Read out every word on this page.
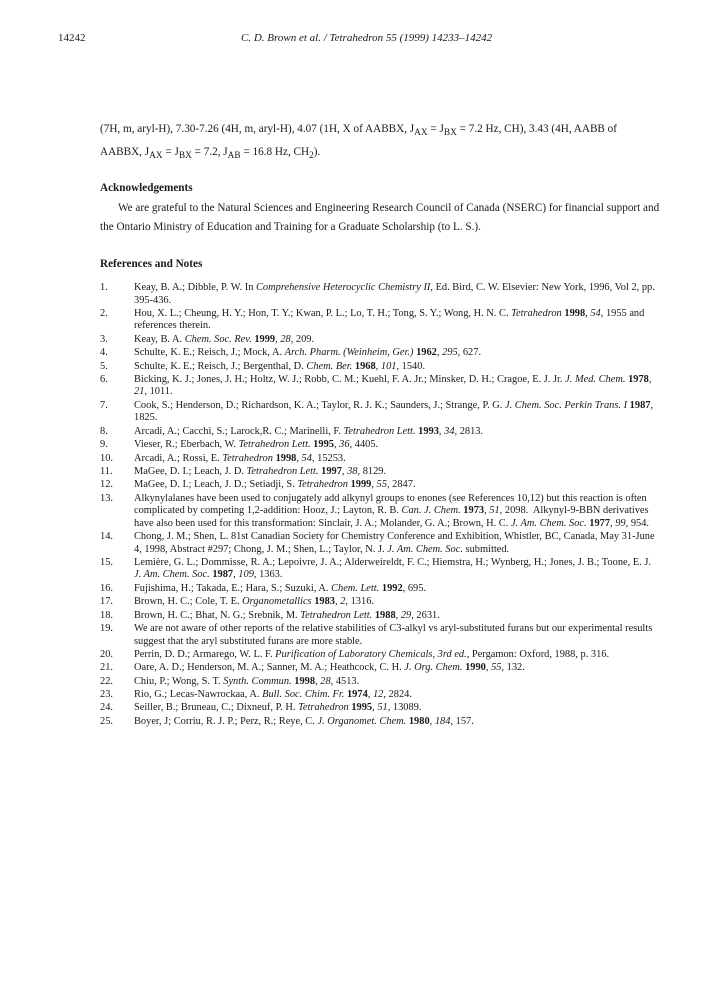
14242	C. D. Brown et al. / Tetrahedron 55 (1999) 14233–14242
(7H, m, aryl-H), 7.30-7.26 (4H, m, aryl-H), 4.07 (1H, X of AABBX, $J_{AX} = J_{BX} = 7.2$ Hz, CH), 3.43 (4H, AABB of AABBX, $J_{AX} = J_{BX} = 7.2$, $J_{AB} = 16.8$ Hz, $CH_2$).
Acknowledgements
We are grateful to the Natural Sciences and Engineering Research Council of Canada (NSERC) for financial support and the Ontario Ministry of Education and Training for a Graduate Scholarship (to L. S.).
References and Notes
1.	Keay, B. A.; Dibble, P. W. In Comprehensive Heterocyclic Chemistry II, Ed. Bird, C. W. Elsevier: New York, 1996, Vol 2, pp. 395-436.
2.	Hou, X. L.; Cheung, H. Y.; Hon, T. Y.; Kwan, P. L.; Lo, T. H.; Tong, S. Y.; Wong, H. N. C. Tetrahedron 1998, 54, 1955 and references therein.
3.	Keay, B. A. Chem. Soc. Rev. 1999, 28, 209.
4.	Schulte, K. E.; Reisch, J.; Mock, A. Arch. Pharm. (Weinheim, Ger.) 1962, 295, 627.
5.	Schulte, K. E.; Reisch, J.; Bergenthal, D. Chem. Ber. 1968, 101, 1540.
6.	Bicking, K. J.; Jones, J. H.; Holtz, W. J.; Robb, C. M.; Kuehl, F. A. Jr.; Minsker, D. H.; Cragoe, E. J. Jr. J. Med. Chem. 1978, 21, 1011.
7.	Cook, S.; Henderson, D.; Richardson, K. A.; Taylor, R. J. K.; Saunders, J.; Strange, P. G. J. Chem. Soc. Perkin Trans. I 1987, 1825.
8.	Arcadi, A.; Cacchi, S.; Larock,R. C.; Marinelli, F. Tetrahedron Lett. 1993, 34, 2813.
9.	Vieser, R.; Eberbach, W. Tetrahedron Lett. 1995, 36, 4405.
10.	Arcadi, A.; Rossi, E. Tetrahedron 1998, 54, 15253.
11.	MaGee, D. I.; Leach, J. D. Tetrahedron Lett. 1997, 38, 8129.
12.	MaGee, D. I.; Leach, J. D.; Setiadji, S. Tetrahedron 1999, 55, 2847.
13.	Alkynylalanes have been used to conjugately add alkynyl groups to enones (see References 10,12) but this reaction is often complicated by competing 1,2-addition: Hooz, J.; Layton, R. B. Can. J. Chem. 1973, 51, 2098.  Alkynyl-9-BBN derivatives have also been used for this transformation: Sinclair, J. A.; Molander, G. A.; Brown, H. C. J. Am. Chem. Soc. 1977, 99, 954.
14.	Chong, J. M.; Shen, L. 81st Canadian Society for Chemistry Conference and Exhibition, Whistler, BC, Canada, May 31-June 4, 1998, Abstract #297; Chong, J. M.; Shen, L.; Taylor, N. J. J. Am. Chem. Soc. submitted.
15.	Lemière, G. L.; Dommisse, R. A.; Lepoivre, J. A.; Alderweireldt, F. C.; Hiemstra, H.; Wynberg, H.; Jones, J. B.; Toone, E. J. J. Am. Chem. Soc. 1987, 109, 1363.
16.	Fujishima, H.; Takada, E.; Hara, S.; Suzuki, A. Chem. Lett. 1992, 695.
17.	Brown, H. C.; Cole, T. E. Organometallics 1983, 2, 1316.
18.	Brown, H. C.; Bhat, N. G.; Srebnik, M. Tetrahedron Lett. 1988, 29, 2631.
19.	We are not aware of other reports of the relative stabilities of C3-alkyl vs aryl-substituted furans but our experimental results suggest that the aryl substituted furans are more stable.
20.	Perrin, D. D.; Armarego, W. L. F. Purification of Laboratory Chemicals, 3rd ed., Pergamon: Oxford, 1988, p. 316.
21.	Oare, A. D.; Henderson, M. A.; Sanner, M. A.; Heathcock, C. H. J. Org. Chem. 1990, 55, 132.
22.	Chiu, P.; Wong, S. T. Synth. Commun. 1998, 28, 4513.
23.	Rio, G.; Lecas-Nawrockaa, A. Bull. Soc. Chim. Fr. 1974, 12, 2824.
24.	Seiller, B.; Bruneau, C.; Dixneuf, P. H. Tetrahedron 1995, 51, 13089.
25.	Boyer, J; Corriu, R. J. P.; Perz, R.; Reye, C. J. Organomet. Chem. 1980, 184, 157.
